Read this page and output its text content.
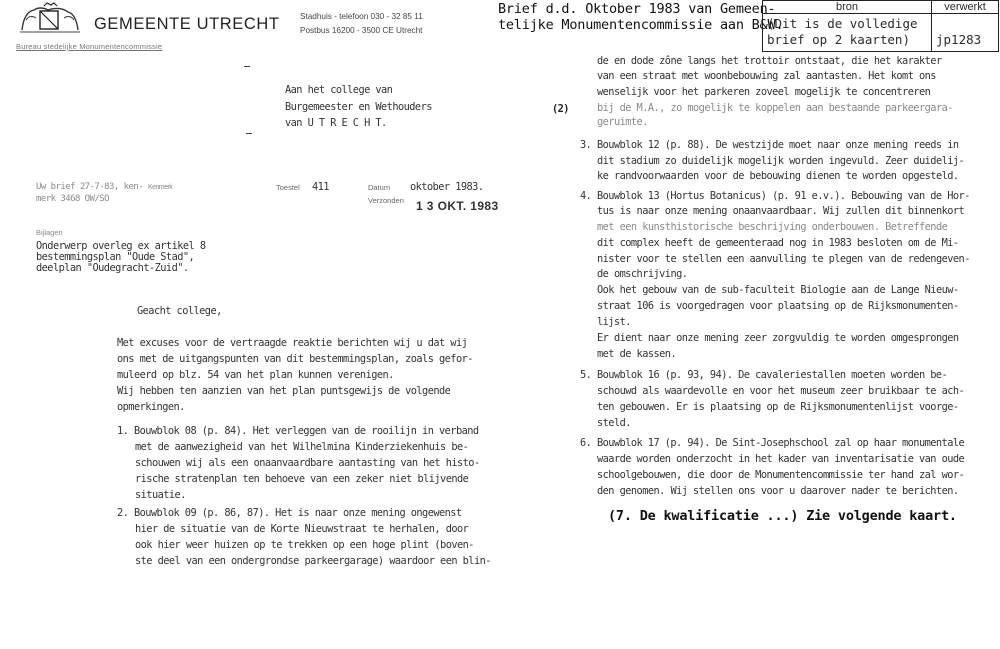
GEMEENTE UTRECHT
Bureau stedelijke Monumentencommissie
Stadhuis - telefoon 030 - 32 85 11
Postbus 16200 - 3500 CE Utrecht
Aan het college van
Burgemeester en Wethouders
van U T R E C H T.
Uw brief 27-7-83, ken- Kenmerk
merk 3468 OW/SO
Toestel 411	Datum oktober 1983.
Verzonden 1 3 OKT. 1983
Bijlagen
Onderwerp overleg ex artikel 8
bestemmingsplan "Oude Stad",
deelplan "Oudegracht-Zuid".
Geacht college,
Met excuses voor de vertraagde reaktie berichten wij u dat wij
ons met de uitgangspunten van dit bestemmingsplan, zoals gefor-
muleerd op blz. 54 van het plan kunnen verenigen.
Wij hebben ten aanzien van het plan puntsgewijs de volgende
opmerkingen.
1. Bouwblok 08 (p. 84). Het verleggen van de rooilijn in verband
met de aanwezigheid van het Wilhelmina Kinderziekenhuis be-
schouwen wij als een onaanvaardbare aantasting van het histo-
rische stratenplan ten behoeve van een zeker niet blijvende
situatie.
2. Bouwblok 09 (p. 86, 87). Het is naar onze mening ongewenst
hier de situatie van de Korte Nieuwstraat te herhalen, door
ook hier weer huizen op te trekken op een hoge plint (boven-
ste deel van een ondergrondse parkeergarage) waardoor een blin-
Brief d.d. Oktober 1983 van Gemeen-
telijke Monumentencommissie aan B&W.
bron	verwerkt

(Dit is de volledige
brief op 2 kaarten)	jp1283
de en dode zône langs het trottoir ontstaat, die het karakter
van een straat met woonbebouwing zal aantasten. Het komt ons
wenselijk voor het parkeren zoveel mogelijk te concentreren
(2)	bij de M.A., zo mogelijk te koppelen aan bestaande parkeergara-
geruimte.
3. Bouwblok 12 (p. 88). De westzijde moet naar onze mening reeds in
dit stadium zo duidelijk mogelijk worden ingevuld. Zeer duidelij-
ke randvoorwaarden voor de bebouwing dienen te worden opgesteld.
4. Bouwblok 13 (Hortus Botanicus) (p. 91 e.v.). Bebouwing van de Hor-
tus is naar onze mening onaanvaardbaar. Wij zullen dit binnenkort
met een kunsthistorische beschrijving onderbouwen. Betreffende
dit complex heeft de gemeenteraad nog in 1983 besloten om de Mi-
nister voor te stellen een aanvulling te plegen van de redengeven-
de omschrijving.
Ook het gebouw van de sub-faculteit Biologie aan de Lange Nieuw-
straat 106 is voorgedragen voor plaatsing op de Rijksmonumenten-
lijst.
Er dient naar onze mening zeer zorgvuldig te worden omgesprongen
met de kassen.
5. Bouwblok 16 (p. 93, 94). De cavaleriestallen moeten worden be-
schouwd als waardevolle en voor het museum zeer bruikbaar te ach-
ten gebouwen. Er is plaatsing op de Rijksmonumentenlijst voorge-
steld.
6. Bouwblok 17 (p. 94). De Sint-Josephschool zal op haar monumentale
waarde worden onderzocht in het kader van inventarisatie van oude
schoolgebouwen, die door de Monumentencommissie ter hand zal wor-
den genomen. Wij stellen ons voor u daarover nader te berichten.
(7. De kwalificatie ...) Zie volgende kaart.
